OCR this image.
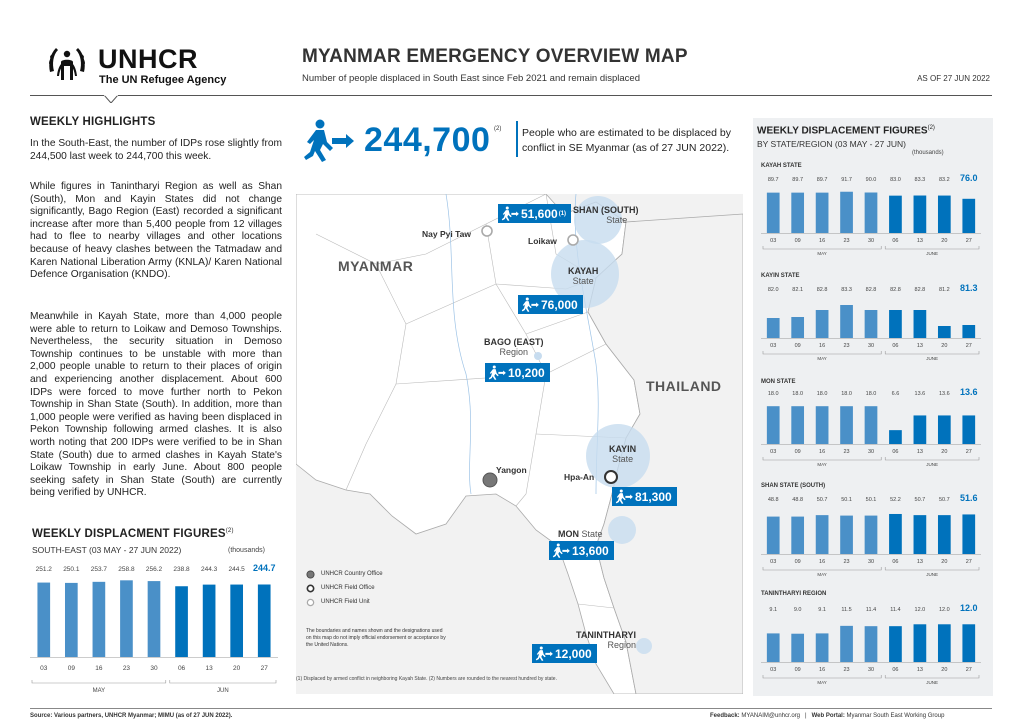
UNHCR
The UN Refugee Agency
MYANMAR EMERGENCY OVERVIEW MAP
Number of people displaced in South East since Feb 2021 and remain displaced	AS OF 27 JUN 2022
WEEKLY HIGHLIGHTS
In the South-East, the number of IDPs rose slightly from 244,500 last week to 244,700 this week.
While figures in Tanintharyi Region as well as Shan (South), Mon and Kayin States did not change significantly, Bago Region (East) recorded a significant increase after more than 5,400 people from 12 villages had to flee to nearby villages and other locations because of heavy clashes between the Tatmadaw and Karen National Liberation Army (KNLA)/ Karen National Defence Organisation (KNDO).
Meanwhile in Kayah State, more than 4,000 people were able to return to Loikaw and Demoso Townships. Nevertheless, the security situation in Demoso Township continues to be unstable with more than 2,000 people unable to return to their places of origin and experiencing another displacement. About 600 IDPs were forced to move further north to Pekon Township in Shan State (South). In addition, more than 1,000 people were verified as having been displaced in Pekon Township following armed clashes. It is also worth noting that 200 IDPs were verified to be in Shan State (South) due to armed clashes in Kayah State's Loikaw Township in early June. About 800 people seeking safety in Shan State (South) are currently being verified by UNHCR.
WEEKLY DISPLACMENT FIGURES$^{(2)}$
SOUTH-EAST (03 MAY - 27 JUN 2022)	(thousands)
251.2
03
250.1
09
253.7
16
258.8
23
256.2
30
238.8
06
244.3
13
244.5
20
244.7
27
MAY	JUN
244,700 (2) People who are estimated to be displaced by conflict in SE Myanmar (as of 27 JUN 2022).
MYANMAR
THAILAND
Nay Pyi Taw
Loikaw
Yangon
Hpa-An
SHAN (SOUTH)
State
KAYAH
State
BAGO (EAST)
Region
KAYIN
State
MON State
TANINTHARYI
Region
51,600 (1)
76,000
10,200
81,300
13,600
12,000
UNHCR Country Office
UNHCR Field Office
UNHCR Field Unit
The boundaries and names shown and the designations used on this map do not imply official endorsement or acceptance by the United Nations.
(1) Displaced by armed conflict in neighboring Kayah State. (2) Numbers are rounded to the nearest hundred by state.
WEEKLY DISPLACEMENT FIGURES$^{(2)}$
BY STATE/REGION (03 MAY - 27 JUN)
(thousands)
KAYAH STATE
89.7
03
89.7
09
89.7
16
91.7
23
90.0
30
83.0
06
83.3
13
83.2
20
76.0
27
MAY	JUNE
KAYIN STATE
82.0
03
82.1
09
82.8
16
83.3
23
82.8
30
82.8
06
82.8
13
81.2
20
81.3
27
MAY	JUNE
MON STATE
18.0
03
18.0
09
18.0
16
18.0
23
18.0
30
6.6
06
13.6
13
13.6
20
13.6
27
MAY	JUNE
SHAN STATE (SOUTH)
48.8
03
48.8
09
50.7
16
50.1
23
50.1
30
52.2
06
50.7
13
50.7
20
51.6
27
MAY	JUNE
TANINTHARYI REGION
9.1
03
9.0
09
9.1
16
11.5
23
11.4
30
11.4
06
12.0
13
12.0
20
12.0
27
MAY	JUNE
Source: Various partners, UNHCR Myanmar; MIMU (as of 27 JUN 2022).	Feedback: MYANAIM@unhcr.org   |   Web Portal: Myanmar South East Working Group
